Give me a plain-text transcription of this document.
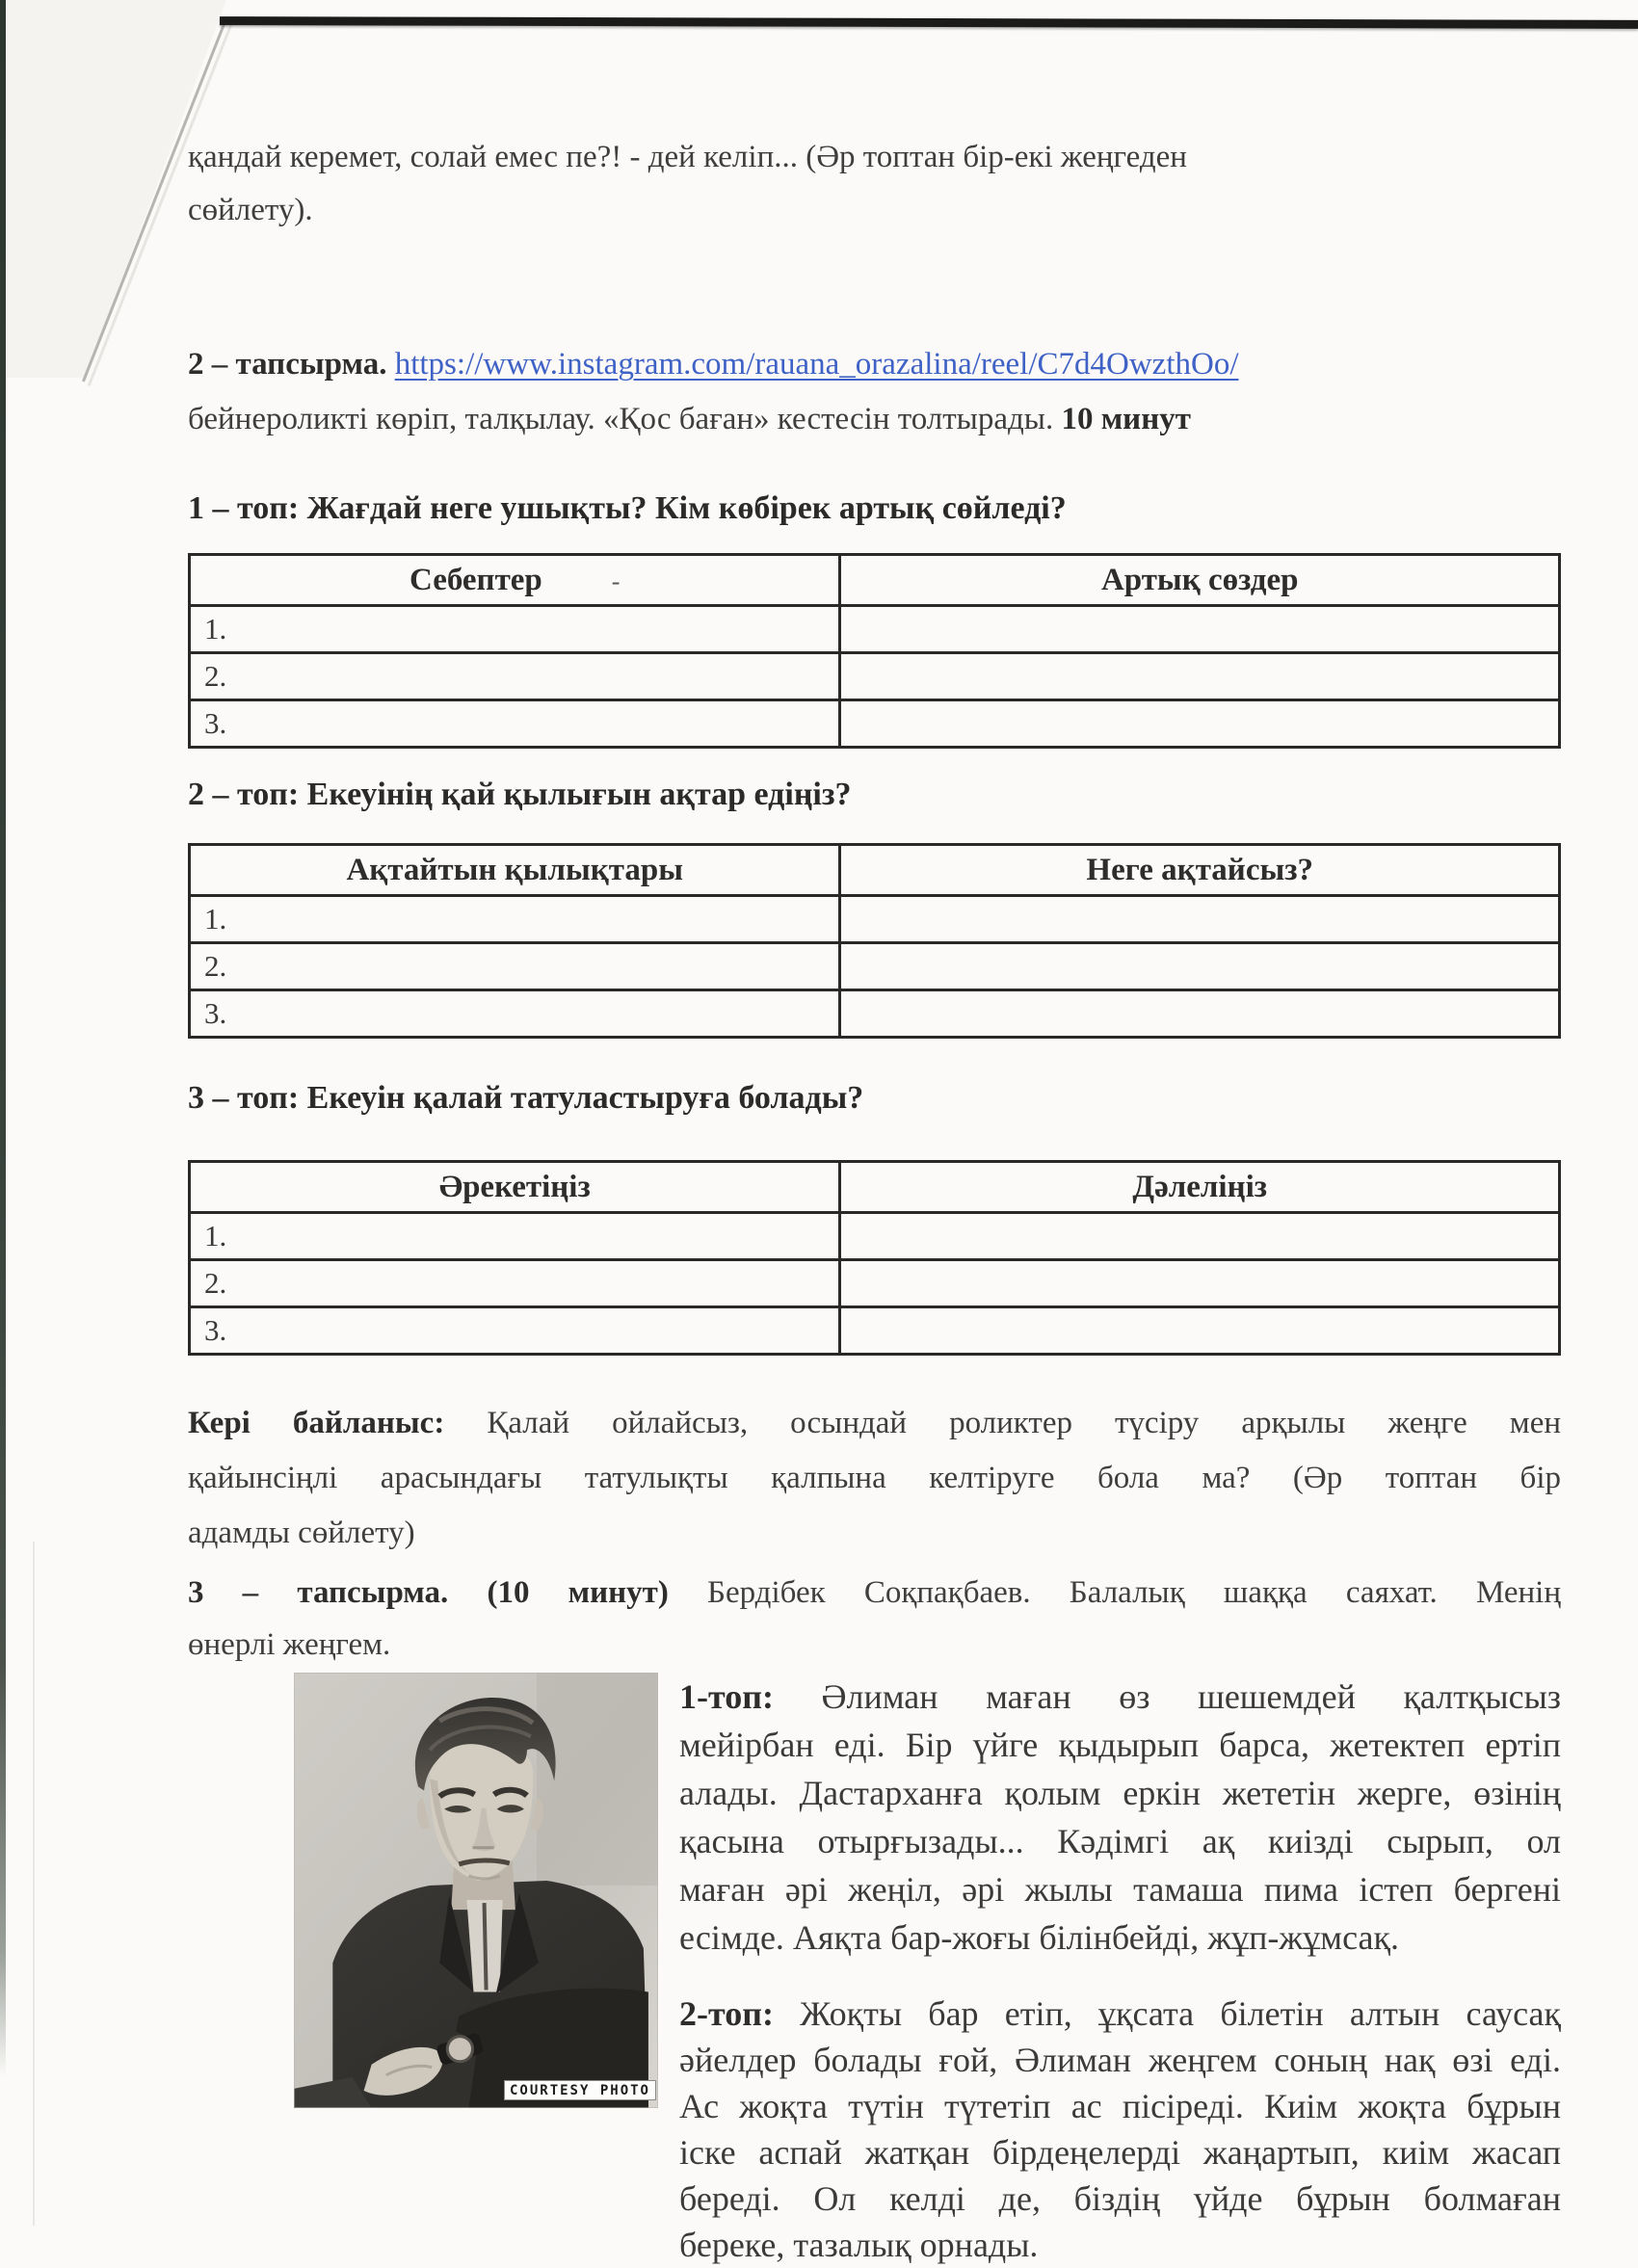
қандай керемет, солай емес пе?! - дей келіп... (Әр топтан бір-екі жеңгеден
сөйлету).
2 – тапсырма. https://www.instagram.com/rauana_orazalina/reel/C7d4OwzthOo/
бейнероликті көріп, талқылау. «Қос баған» кестесін толтырады. 10 минут
1 – топ: Жағдай неге ушықты? Кім көбірек артық сөйледі?
Себептер -	Артық сөздер
1.	
2.	
3.	
2 – топ: Екеуінің қай қылығын ақтар едіңіз?
Ақтайтын қылықтары	Неге ақтайсыз?
1.	
2.	
3.	
3 – топ: Екеуін қалай татуластыруға болады?
Әрекетіңіз	Дәлеліңіз
1.	
2.	
3.	
Кері байланыс: Қалай ойлайсыз, осындай роликтер түсіру арқылы жеңге мен
қайынсіңлі арасындағы татулықты қалпына келтіруге бола ма? (Әр топтан бір
адамды сөйлету)
3 – тапсырма. (10 минут) Бердібек Соқпақбаев. Балалық шаққа саяхат. Менің
өнерлі жеңгем.
COURTESY PHOTO
1-топ: Әлиман маған өз шешемдей қалтқысыз
мейірбан еді. Бір үйге қыдырып барса, жетектеп ертіп
алады. Дастарханға қолым еркін жететін жерге, өзінің
қасына отырғызады... Кәдімгі ақ киізді сырып, ол
маған әрі жеңіл, әрі жылы тамаша пима істеп бергені
есімде. Аяқта бар-жоғы білінбейді, жұп-жұмсақ.
2-топ: Жоқты бар етіп, ұқсата білетін алтын саусақ
әйелдер болады ғой, Әлиман жеңгем соның нақ өзі еді.
Ас жоқта түтін түтетіп ас пісіреді. Киім жоқта бұрын
іске аспай жатқан бірдеңелерді жаңартып, киім жасап
береді. Ол келді де, біздің үйде бұрын болмаған
береке, тазалық орнады.
